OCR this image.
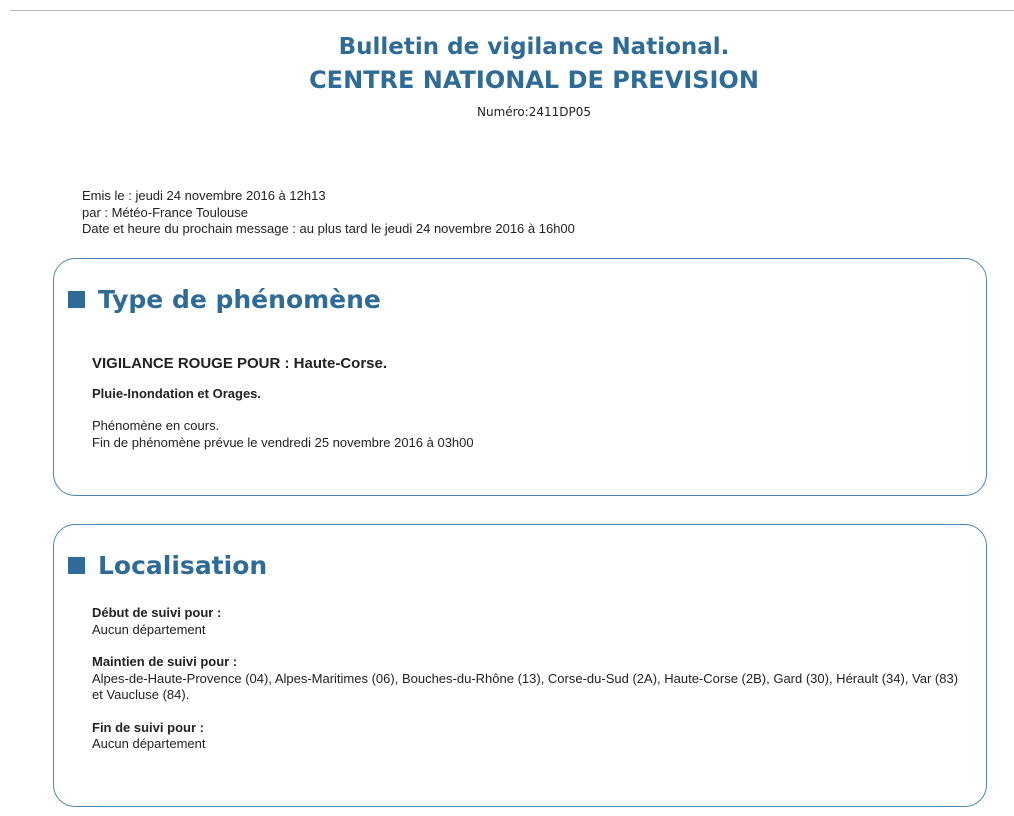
Bulletin de vigilance National.
CENTRE NATIONAL DE PREVISION
Numéro:2411DP05
Emis le : jeudi 24 novembre 2016 à 12h13
par : Météo-France Toulouse
Date et heure du prochain message : au plus tard le jeudi 24 novembre 2016 à 16h00
Type de phénomène
VIGILANCE ROUGE POUR : Haute-Corse.
Pluie-Inondation et Orages.
Phénomène en cours.
Fin de phénomène prévue le vendredi 25 novembre 2016 à 03h00
Localisation
Début de suivi pour :
Aucun département
Maintien de suivi pour :
Alpes-de-Haute-Provence (04), Alpes-Maritimes (06), Bouches-du-Rhône (13), Corse-du-Sud (2A), Haute-Corse (2B), Gard (30), Hérault (34), Var (83) et Vaucluse (84).
Fin de suivi pour :
Aucun département
